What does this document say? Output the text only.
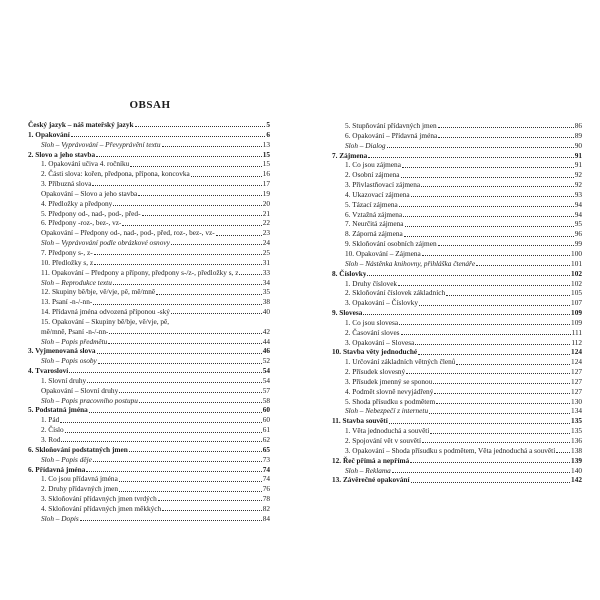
OBSAH
Český jazyk – náš mateřský jazyk	5
1. Opakování	6
Sloh – Vyprávování – Převyprávění textu	13
2. Slovo a jeho stavba	15
1. Opakování učiva 4. ročníku	15
2. Části slova: kořen, předpona, přípona, koncovka	16
3. Příbuzná slova	17
Opakování – Slovo a jeho stavba	19
4. Předložky a předpony	20
5. Předpony od-, nad-, pod-, před-	21
6. Předpony -roz-, bez-, vz-	22
Opakování – Předpony od-, nad-, pod-, před, roz-, bez-, vz-	23
Sloh – Vyprávování podle obrázkové osnovy	24
7. Předpony s-, z-	25
10. Předložky s, z	31
11. Opakování – Předpony a přípony, předpony s-/z-, předložky s, z	33
Sloh – Reprodukce textu	34
12. Skupiny bě/bje, vě/vje, pě, mě/mně	35
13. Psaní -n-/-nn-	38
14. Přídavná jména odvozená příponou -ský	40
15. Opakování – Skupiny bě/bje, vě/vje, pě,
mě/mně, Psaní -n-/-nn-	42
Sloh – Popis předmětu	44
3. Vyjmenovaná slova	46
Sloh – Popis osoby	52
4. Tvarosloví	54
1. Slovní druhy	54
Opakování – Slovní druhy	57
Sloh – Popis pracovního postupu	58
5. Podstatná jména	60
1. Pád	60
2. Číslo	61
3. Rod	62
6. Skloňování podstatných jmen	65
Sloh – Popis děje	73
6. Přídavná jména	74
1. Co jsou přídavná jména	74
2. Druhy přídavných jmen	76
3. Skloňování přídavných jmen tvrdých	78
4. Skloňování přídavných jmen měkkých	82
Sloh – Dopis	84
5. Stupňování přídavných jmen	86
6. Opakování – Přídavná jména	89
Sloh – Dialog	90
7. Zájmena	91
1. Co jsou zájmena	91
2. Osobní zájmena	92
3. Přivlastňovací zájmena	92
4. Ukazovací zájmena	93
5. Tázací zájmena	94
6. Vztažná zájmena	94
7. Neurčitá zájmena	95
8. Záporná zájmena	96
9. Skloňování osobních zájmen	99
10. Opakování – Zájmena	100
Sloh – Nástěnka knihovny, přihláška čtenáře	101
8. Číslovky	102
1. Druhy číslovek	102
2. Skloňování číslovek základních	105
3. Opakování – Číslovky	107
9. Slovesa	109
1. Co jsou slovesa	109
2. Časování sloves	111
3. Opakování – Slovesa	112
10. Stavba věty jednoduché	124
1. Určování základních větných členů	124
2. Přísudek slovesný	127
3. Přísudek jmenný se sponou	127
4. Podmět slovně nevyjádřený	127
5. Shoda přísudku s podmětem	130
Sloh – Nebezpečí z internetu	134
11. Stavba souvětí	135
1. Věta jednoduchá a souvětí	135
2. Spojování vět v souvětí	136
3. Opakování – Shoda přísudku s podmětem, Věta jednoduchá a souvětí 138
12. Řeč přímá a nepřímá	139
Sloh – Reklama	140
13. Závěrečné opakování	142
